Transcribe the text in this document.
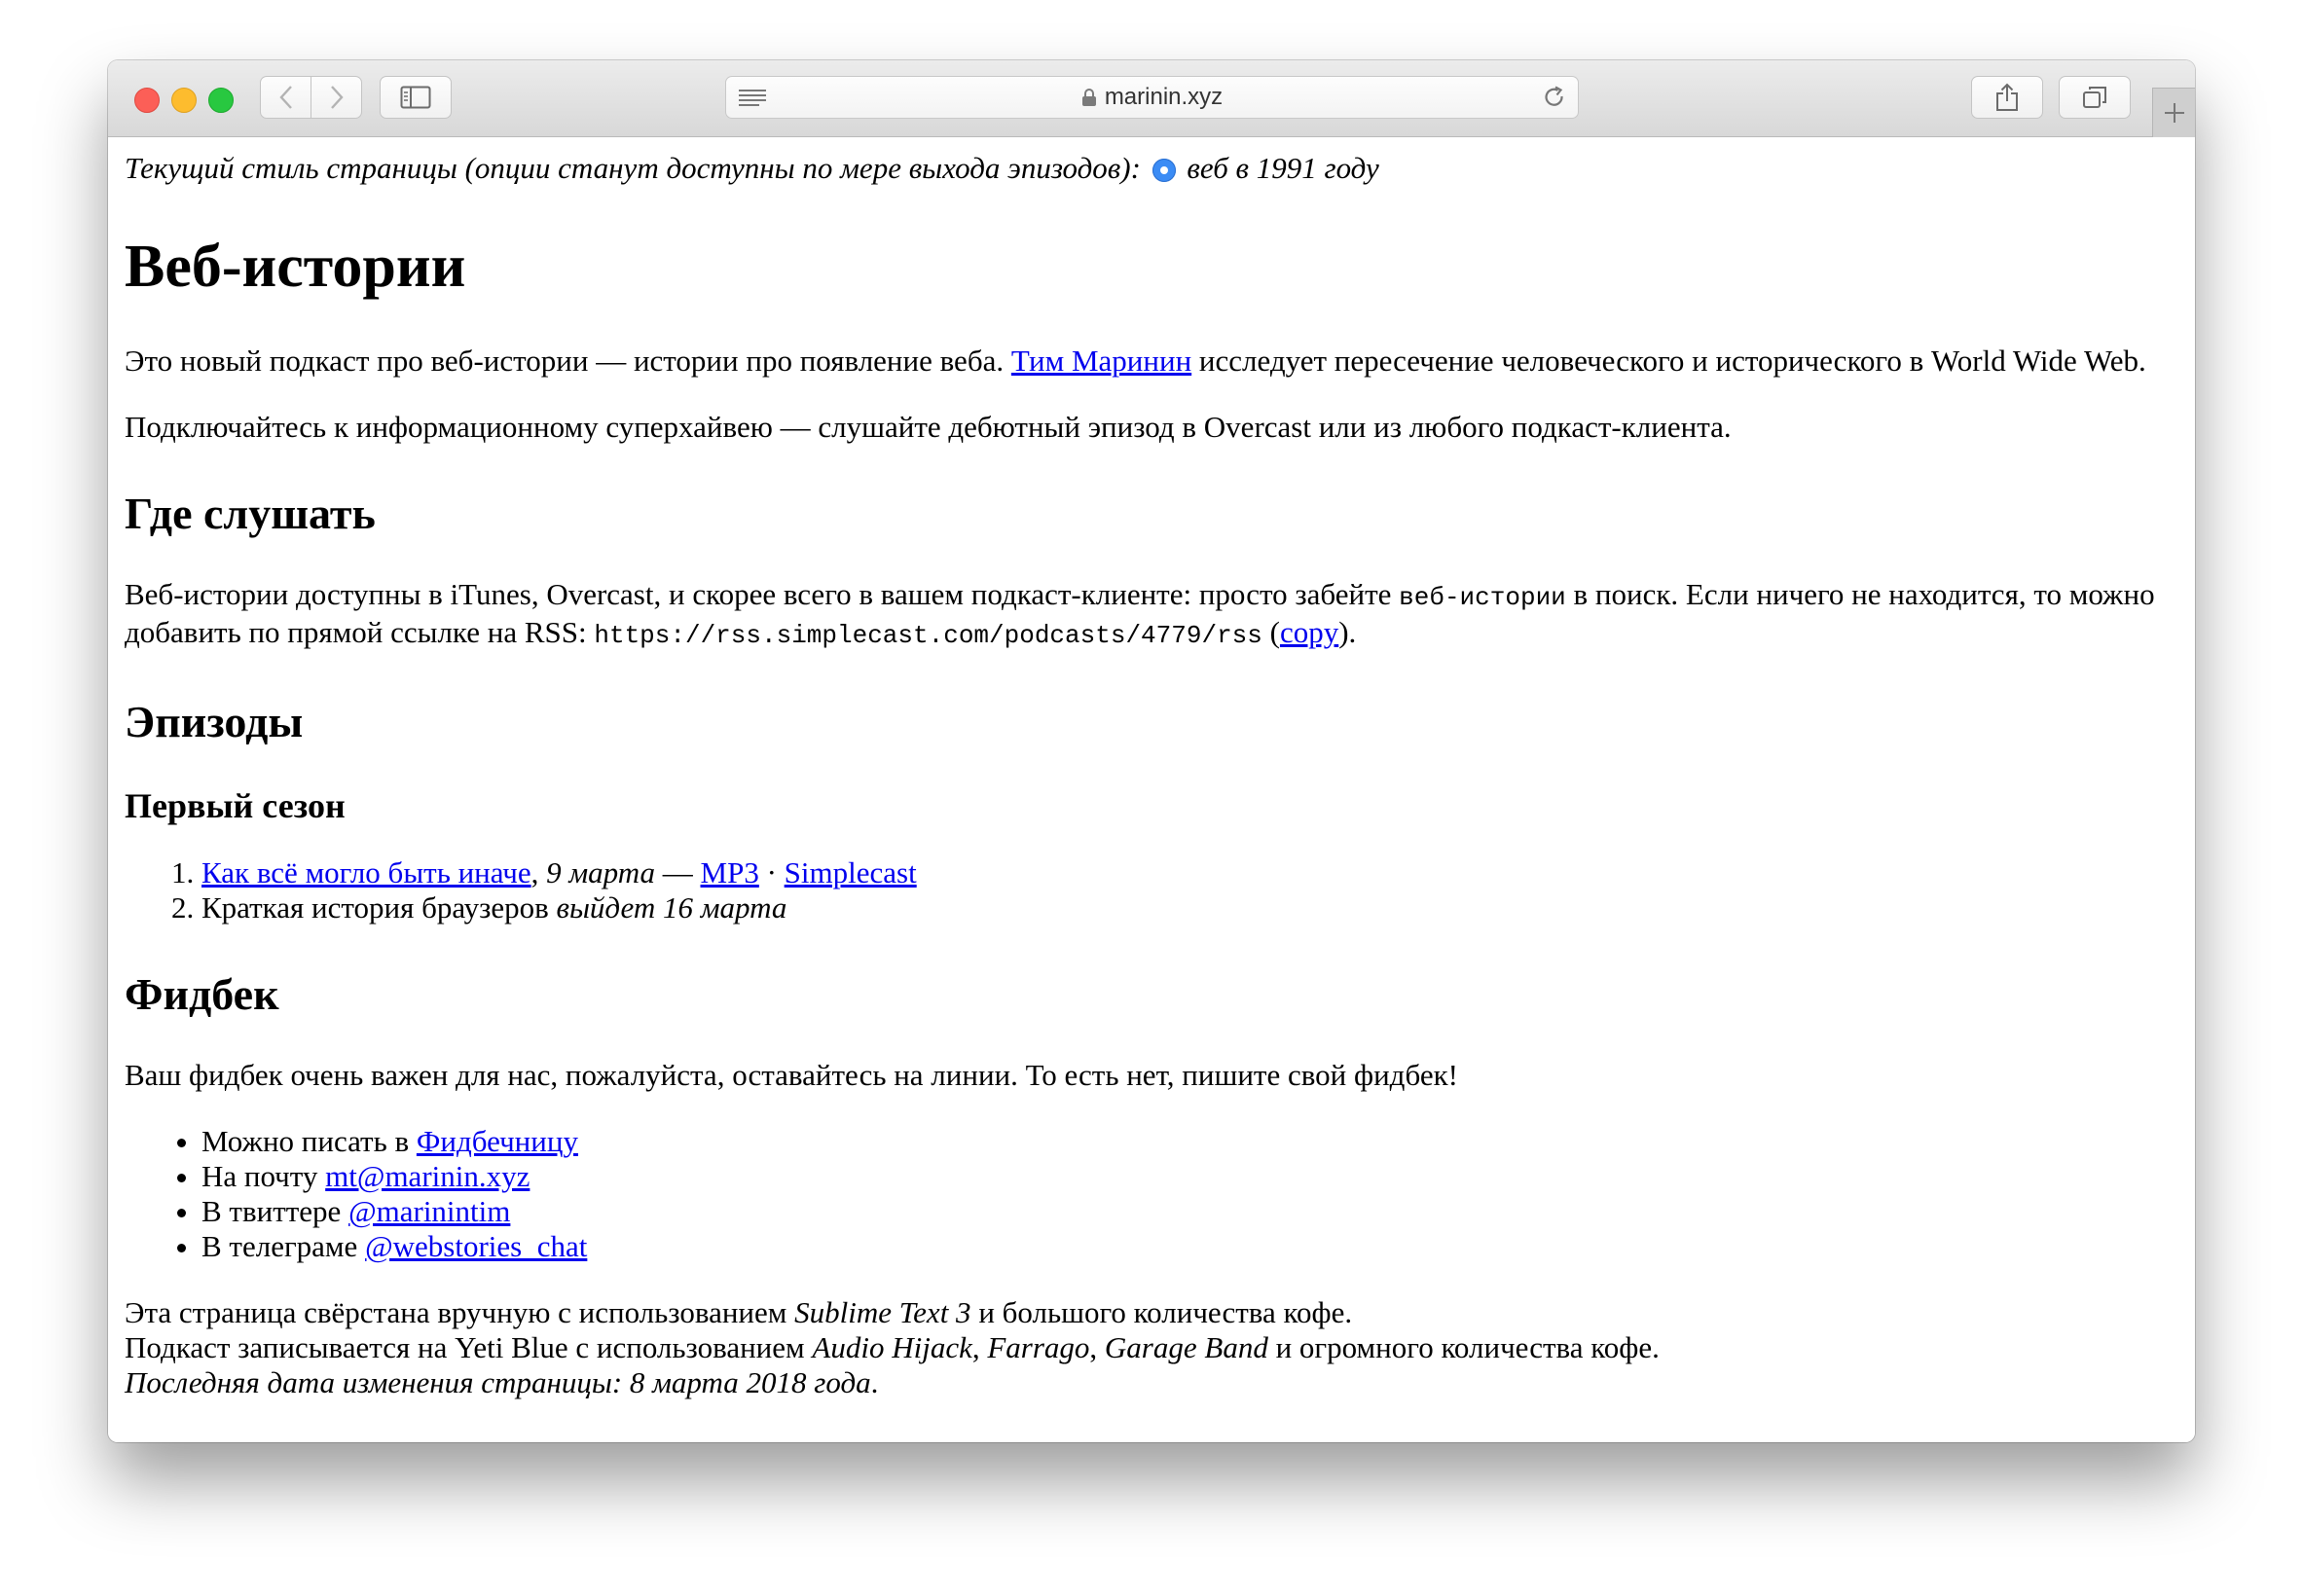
marinin.xyz

Текущий стиль страницы (опции станут доступны по мере выхода эпизодов): веб в 1991 году

Веб-истории

Это новый подкаст про веб-истории — истории про появление веба. Тим Маринин исследует пересечение человеческого и исторического в World Wide Web.

Подключайтесь к информационному суперхайвею — слушайте дебютный эпизод в Overcast или из любого подкаст-клиента.

Где слушать

Веб-истории доступны в iTunes, Overcast, и скорее всего в вашем подкаст-клиенте: просто забейте веб-истории в поиск. Если ничего не находится, то можно добавить по прямой ссылке на RSS: https://rss.simplecast.com/podcasts/4779/rss (copy).

Эпизоды
Первый сезон
1. Как всё могло быть иначе, 9 марта — MP3 · Simplecast
2. Краткая история браузеров выйдет 16 марта
Фидбек

Ваш фидбек очень важен для нас, пожалуйста, оставайтесь на линии. То есть нет, пишите свой фидбек!

• Можно писать в Фидбечницу
• На почту mt@marinin.xyz
• В твиттере @marinintim
• В телеграме @webstories_chat
Эта страница свёрстана вручную с использованием Sublime Text 3 и большого количества кофе.
Подкаст записывается на Yeti Blue с использованием Audio Hijack, Farrago, Garage Band и огромного количества кофе.
Последняя дата изменения страницы: 8 марта 2018 года.
